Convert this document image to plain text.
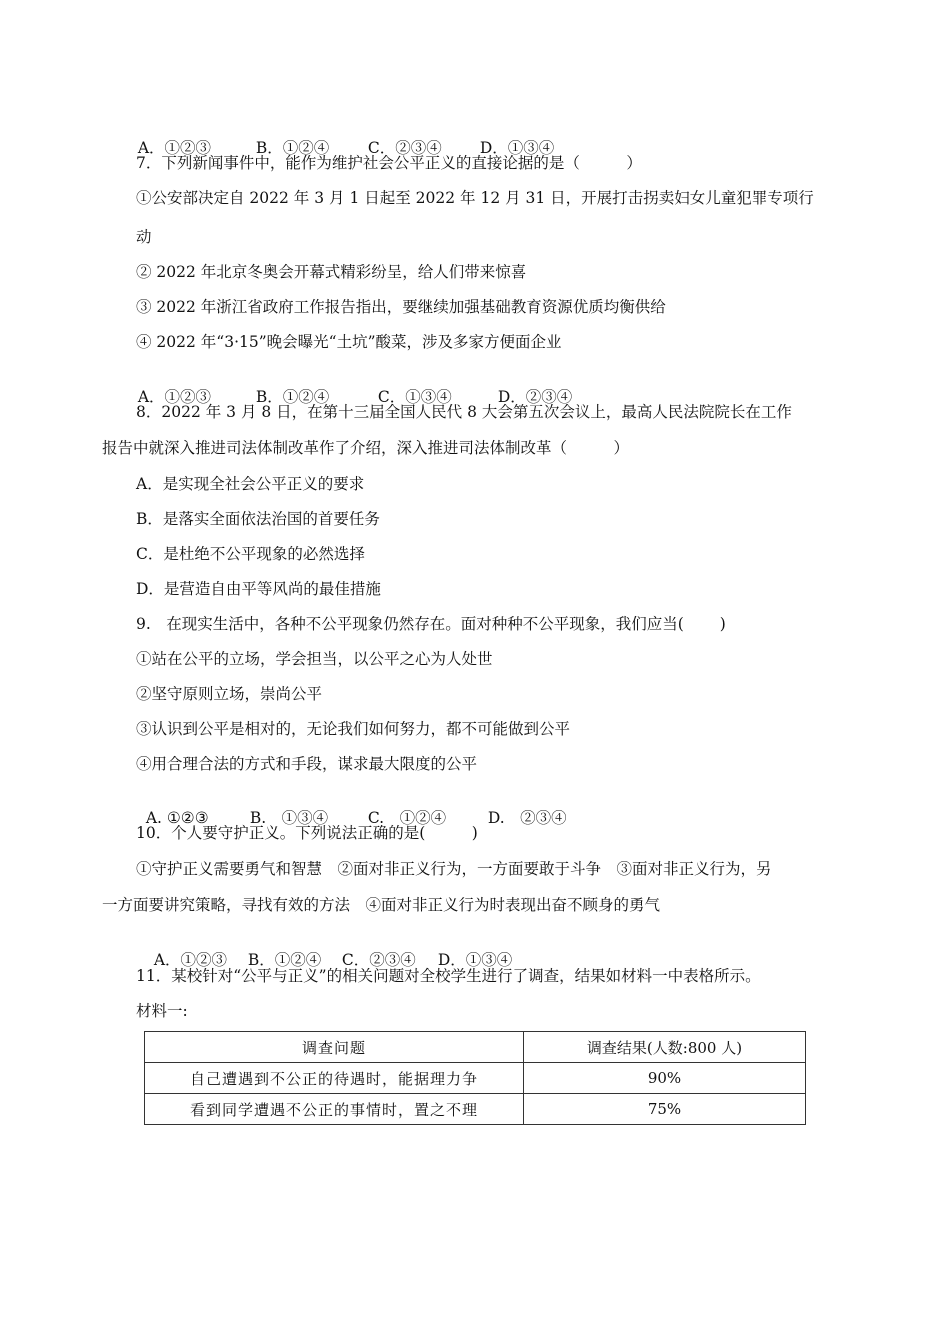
A．①②③	B．①②④ C．②③④ D．①③④

7．下列新闻事件中，能作为维护社会公平正义的直接论据的是（　　　）
①公安部决定自 2022 年 3 月 1 日起至 2022 年 12 月 31 日，开展打击拐卖妇女儿童犯罪专项行
动
② 2022 年北京冬奥会开幕式精彩纷呈，给人们带来惊喜
③ 2022 年浙江省政府工作报告指出，要继续加强基础教育资源优质均衡供给
④ 2022 年“3·15”晚会曝光“土坑”酸菜，涉及多家方便面企业

A．①②③	B．①②④	C．①③④	D．②③④

8．2022 年 3 月 8 日，在第十三届全国人民代 8 大会第五次会议上，最高人民法院院长在工作
报告中就深入推进司法体制改革作了介绍，深入推进司法体制改革（　　　）
A．是实现全社会公平正义的要求
B．是落实全面依法治国的首要任务
C．是杜绝不公平现象的必然选择
D．是营造自由平等风尚的最佳措施
9.　在现实生活中，各种不公平现象仍然存在。面对种种不公平现象，我们应当(　　 )
①站在公平的立场，学会担当，以公平之心为人处世
②坚守原则立场，崇尚公平
③认识到公平是相对的，无论我们如何努力，都不可能做到公平
④用合理合法的方式和手段，谋求最大限度的公平

A. ①②③	B.　①③④	C.　①②④	D.　②③④

10．个人要守护正义。下列说法正确的是(　　　)
①守护正义需要勇气和智慧　②面对非正义行为，一方面要敢于斗争　③面对非正义行为，另
一方面要讲究策略，寻找有效的方法　④面对非正义行为时表现出奋不顾身的勇气

A．①②③ B．①②④ C．②③④ D．①③④

11．某校针对“公平与正义”的相关问题对全校学生进行了调查，结果如材料一中表格所示。
材料一:
调查问题	调查结果(人数:800 人)
自己遭遇到不公正的待遇时，能据理力争	90%
看到同学遭遇不公正的事情时，置之不理	75%
